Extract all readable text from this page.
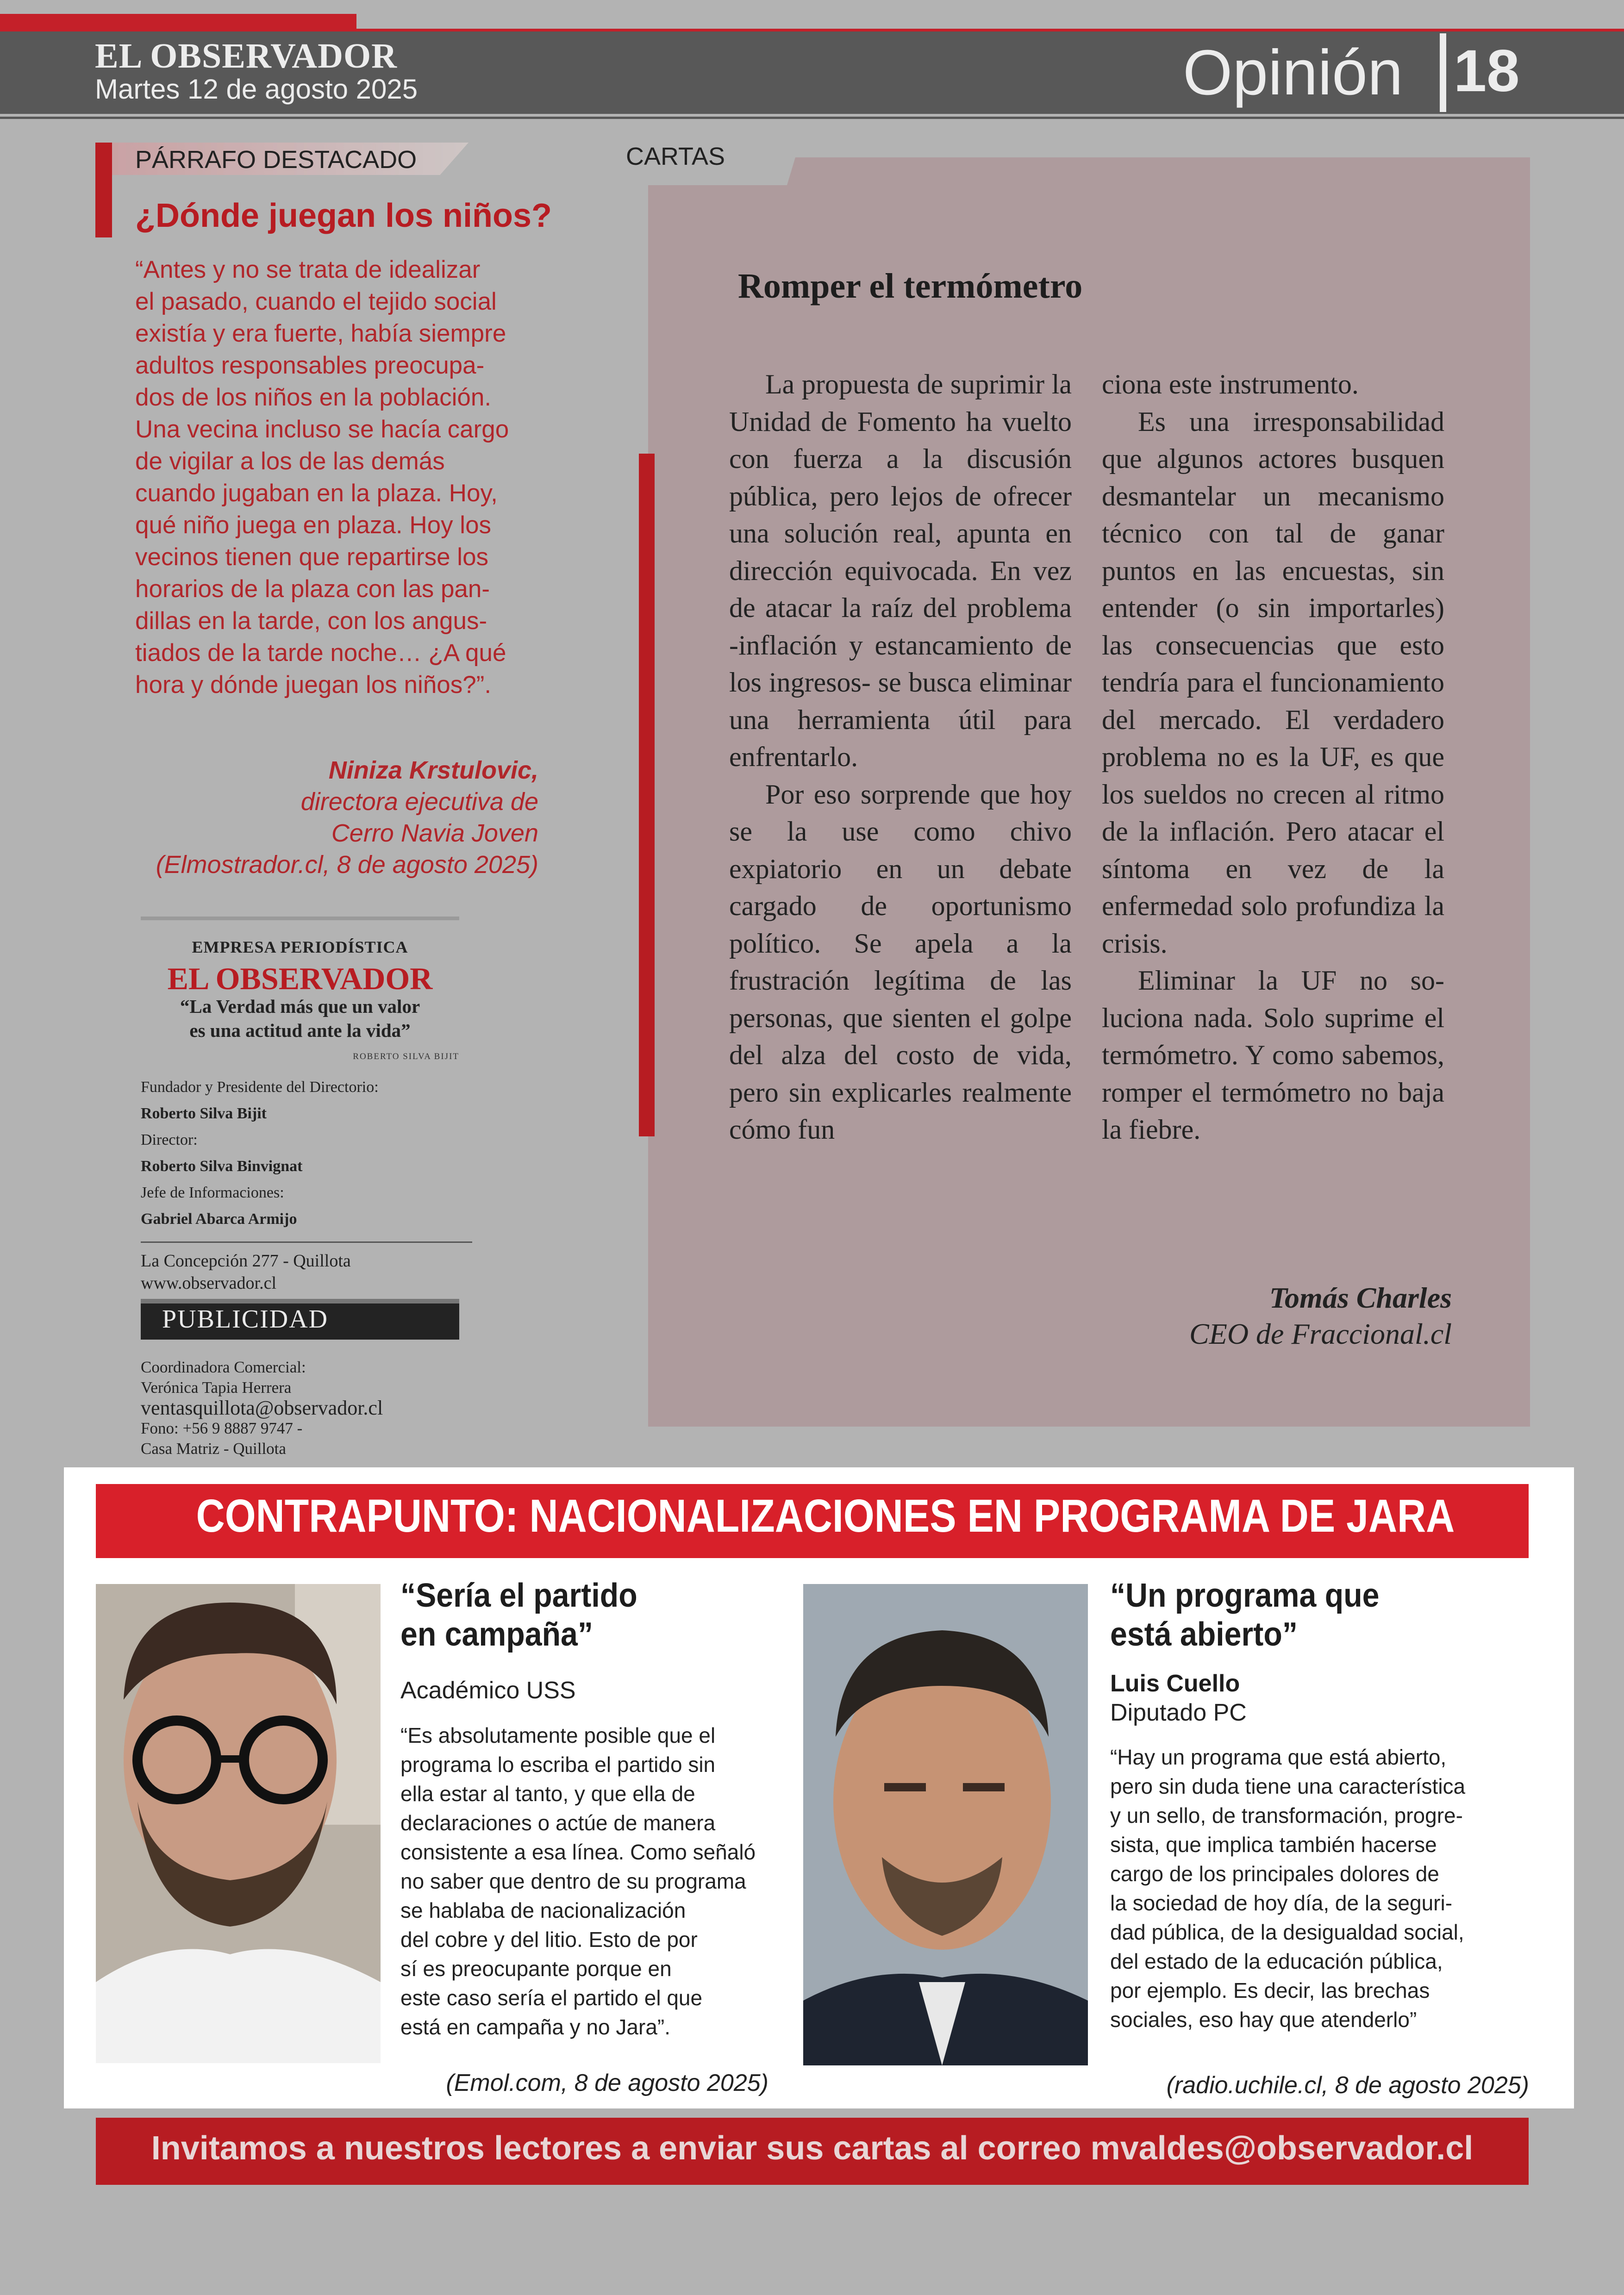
EL OBSERVADOR
Martes 12 de agosto 2025	Opinión 18
PÁRRAFO DESTACADO
¿Dónde juegan los niños?
“Antes y no se trata de idealizar
el pasado, cuando el tejido social
existía y era fuerte, había siempre
adultos responsables preocupa-
dos de los niños en la población.
Una vecina incluso se hacía cargo
de vigilar a los de las demás
cuando jugaban en la plaza. Hoy,
qué niño juega en plaza. Hoy los
vecinos tienen que repartirse los
horarios de la plaza con las pan-
dillas en la tarde, con los angus-
tiados de la tarde noche… ¿A qué
hora y dónde juegan los niños?”.
Niniza Krstulovic,
directora ejecutiva de
Cerro Navia Joven
(Elmostrador.cl, 8 de agosto 2025)
EMPRESA PERIODÍSTICA
EL OBSERVADOR
“La Verdad más que un valor
es una actitud ante la vida”
ROBERTO SILVA BIJIT
Fundador y Presidente del Directorio:
Roberto Silva Bijit
Director:
Roberto Silva Binvignat
Jefe de Informaciones:
Gabriel Abarca Armijo
La Concepción 277 - Quillota
www.observador.cl
PUBLICIDAD
Coordinadora Comercial:
Verónica Tapia Herrera
ventasquillota@observador.cl
Fono: +56 9 8887 9747 -
Casa Matriz - Quillota
CARTAS
Romper el termómetro

La propuesta de suprimir la Unidad de Fomento ha vuelto con fuerza a la discusión pública, pero lejos de ofrecer una solución real, apunta en dirección equivocada. En vez de atacar la raíz del problema -inflación y estancamiento de los ingresos- se busca eliminar una herramienta útil para enfrentarlo.

Por eso sorprende que hoy se la use como chivo expiatorio en un debate cargado de oportunismo político. Se apela a la frustración legítima de las personas, que sienten el golpe del alza del costo de vida, pero sin explicarles realmente cómo fun

ciona este instrumento.

Es una irresponsabilidad que algunos actores busquen desmantelar un mecanismo técnico con tal de ganar puntos en las encuestas, sin entender (o sin importarles) las consecuencias que esto tendría para el funcionamiento del mercado. El verdadero problema no es la UF, es que los sueldos no crecen al ritmo de la inflación. Pero atacar el síntoma en vez de la enfermedad solo profundiza la crisis.

Eliminar la UF no soluciona nada. Solo suprime el termómetro. Y como sabemos, romper el termómetro no baja la fiebre.

Tomás Charles
CEO de Fraccional.cl
CONTRAPUNTO: NACIONALIZACIONES EN PROGRAMA DE JARA
“Sería el partido
en campaña”
Académico USS
“Es absolutamente posible que el
programa lo escriba el partido sin
ella estar al tanto, y que ella de
declaraciones o actúe de manera
consistente a esa línea. Como señaló
no saber que dentro de su programa
se hablaba de nacionalización
del cobre y del litio. Esto de por
sí es preocupante porque en
este caso sería el partido el que
está en campaña y no Jara”.
(Emol.com, 8 de agosto 2025)
“Un programa que
está abierto”
Luis Cuello
Diputado PC
“Hay un programa que está abierto,
pero sin duda tiene una característica
y un sello, de transformación, progre-
sista, que implica también hacerse
cargo de los principales dolores de
la sociedad de hoy día, de la seguri-
dad pública, de la desigualdad social,
del estado de la educación pública,
por ejemplo. Es decir, las brechas
sociales, eso hay que atenderlo”
(radio.uchile.cl, 8 de agosto 2025)
Invitamos a nuestros lectores a enviar sus cartas al correo mvaldes@observador.cl
